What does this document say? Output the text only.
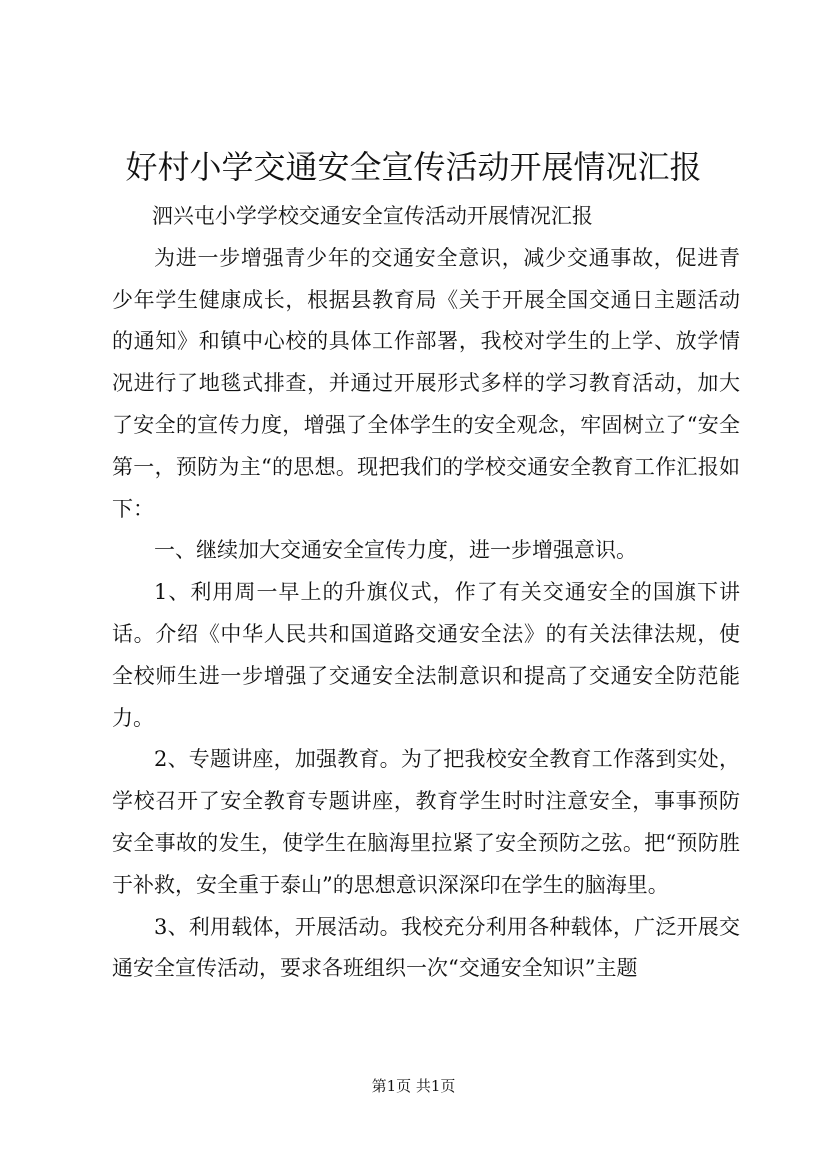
好村小学交通安全宣传活动开展情况汇报

泗兴屯小学学校交通安全宣传活动开展情况汇报

为进一步增强青少年的交通安全意识，减少交通事故，促进青少年学生健康成长，根据县教育局《关于开展全国交通日主题活动的通知》和镇中心校的具体工作部署，我校对学生的上学、放学情况进行了地毯式排查，并通过开展形式多样的学习教育活动，加大了安全的宣传力度，增强了全体学生的安全观念，牢固树立了“安全第一，预防为主“的思想。现把我们的学校交通安全教育工作汇报如下：

一、继续加大交通安全宣传力度，进一步增强意识。

1、利用周一早上的升旗仪式，作了有关交通安全的国旗下讲话。介绍《中华人民共和国道路交通安全法》的有关法律法规，使全校师生进一步增强了交通安全法制意识和提高了交通安全防范能力。

2、专题讲座，加强教育。为了把我校安全教育工作落到实处，学校召开了安全教育专题讲座，教育学生时时注意安全，事事预防安全事故的发生，使学生在脑海里拉紧了安全预防之弦。把“预防胜于补救，安全重于泰山”的思想意识深深印在学生的脑海里。

3、利用载体，开展活动。我校充分利用各种载体，广泛开展交通安全宣传活动，要求各班组织一次“交通安全知识”主题

第1页 共1页
